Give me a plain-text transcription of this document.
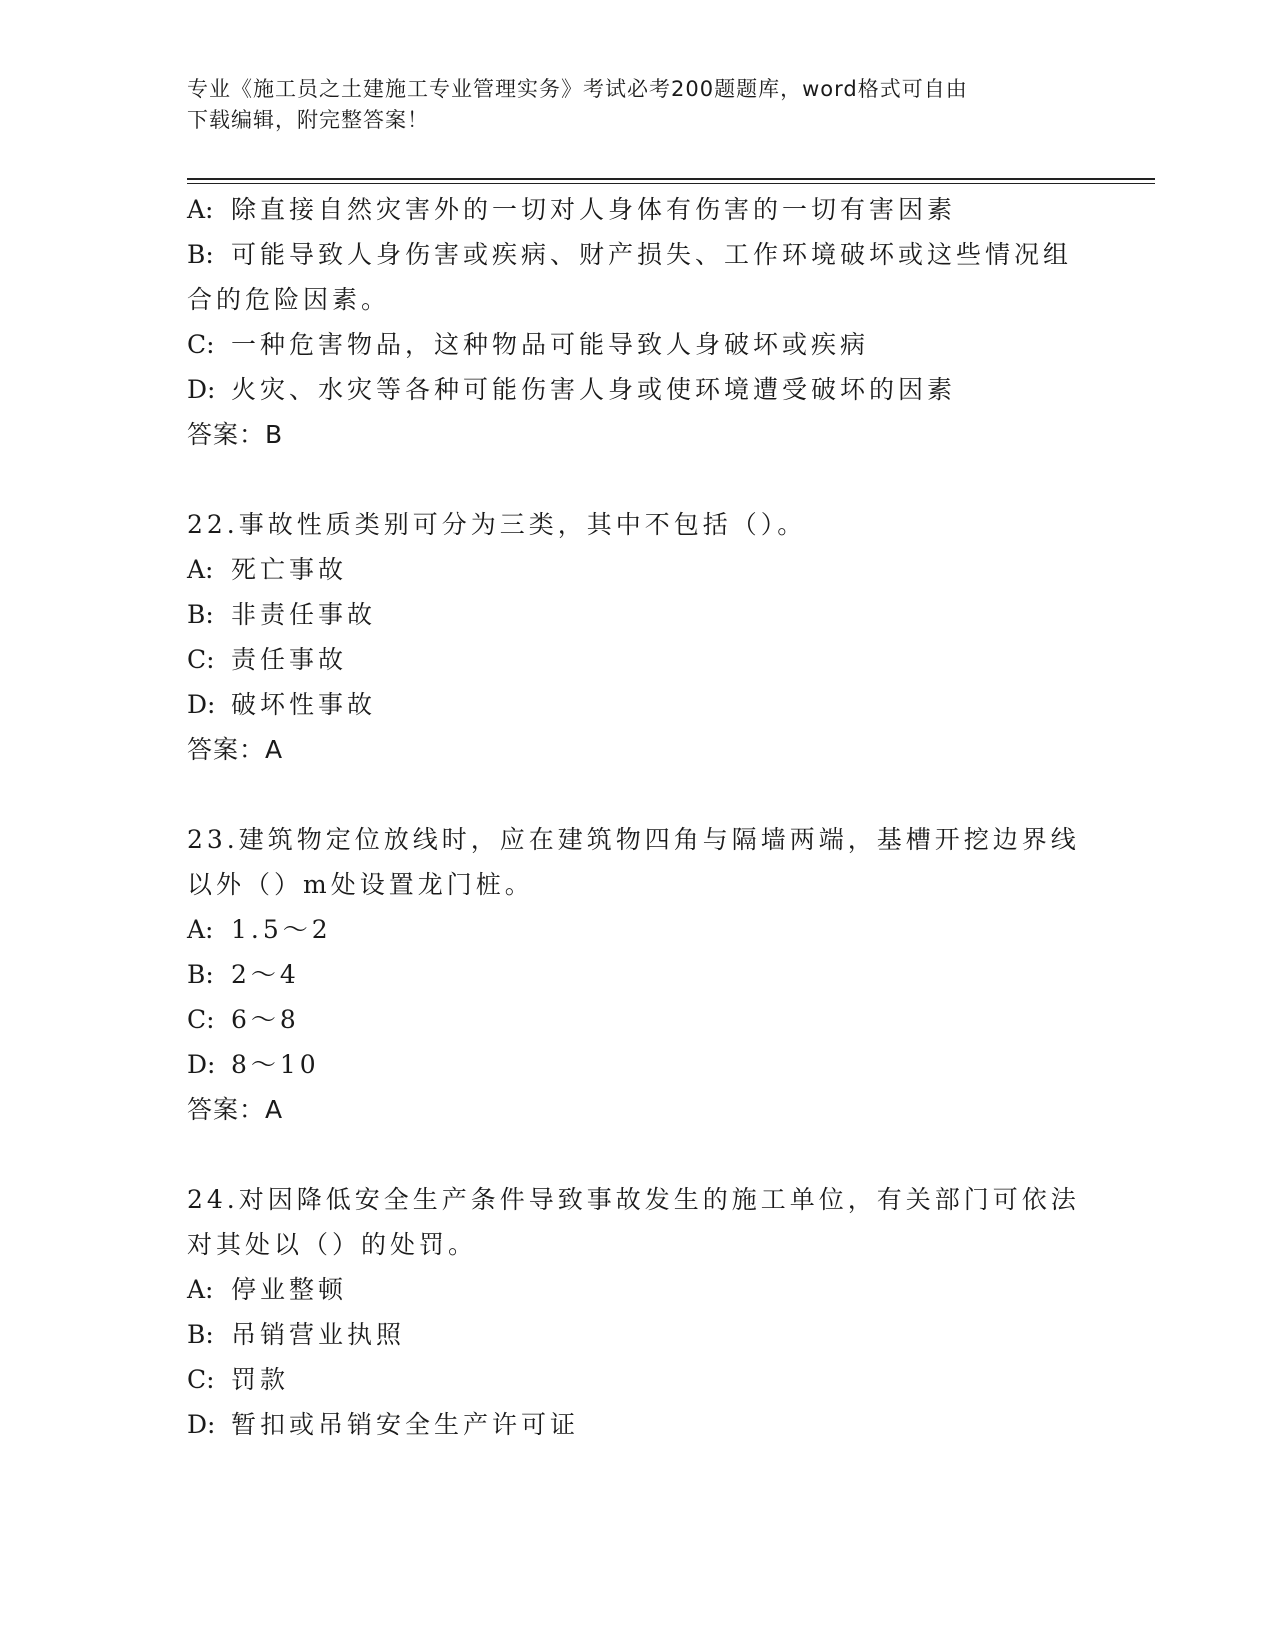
专业《施工员之土建施工专业管理实务》考试必考200题题库，word格式可自由
下载编辑，附完整答案！
A: 除直接自然灾害外的一切对人身体有伤害的一切有害因素
B: 可能导致人身伤害或疾病、财产损失、工作环境破坏或这些情况组
合的危险因素。
C: 一种危害物品，这种物品可能导致人身破坏或疾病
D: 火灾、水灾等各种可能伤害人身或使环境遭受破坏的因素
答案：B
22.事故性质类别可分为三类，其中不包括（）。
A: 死亡事故
B: 非责任事故
C: 责任事故
D: 破坏性事故
答案：A
23.建筑物定位放线时，应在建筑物四角与隔墙两端，基槽开挖边界线
以外（）m处设置龙门桩。
A: 1.5～2
B: 2～4
C: 6～8
D: 8～10
答案：A
24.对因降低安全生产条件导致事故发生的施工单位，有关部门可依法
对其处以（）的处罚。
A: 停业整顿
B: 吊销营业执照
C: 罚款
D: 暂扣或吊销安全生产许可证
